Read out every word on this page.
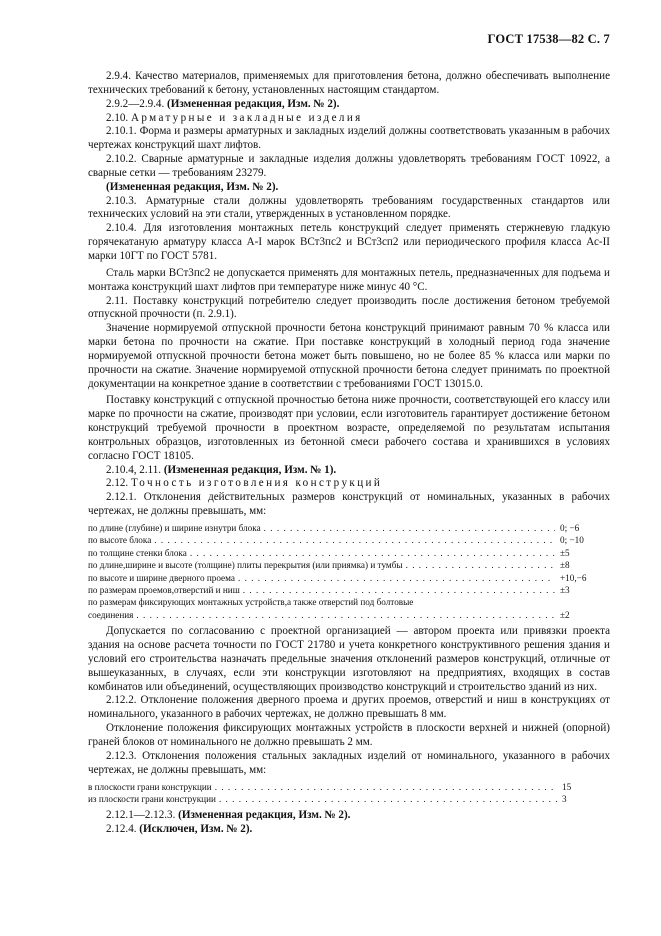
ГОСТ 17538—82 С. 7

2.9.4. Качество материалов, применяемых для приготовления бетона, должно обеспечивать выполнение технических требований к бетону, установленных настоящим стандартом.

2.9.2—2.9.4. (Измененная редакция, Изм. № 2).

2.10. Арматурные и закладные изделия

2.10.1. Форма и размеры арматурных и закладных изделий должны соответствовать указанным в рабочих чертежах конструкций шахт лифтов.

2.10.2. Сварные арматурные и закладные изделия должны удовлетворять требованиям ГОСТ 10922, а сварные сетки — требованиям 23279.

(Измененная редакция, Изм. № 2).

2.10.3. Арматурные стали должны удовлетворять требованиям государственных стандартов или технических условий на эти стали, утвержденных в установленном порядке.

2.10.4. Для изготовления монтажных петель конструкций следует применять стержневую гладкую горячекатаную арматуру класса А-I марок ВСт3пс2 и ВСт3сп2 или периодического профиля класса Ас-II марки 10ГТ по ГОСТ 5781.

Сталь марки ВСт3пс2 не допускается применять для монтажных петель, предназначенных для подъема и монтажа конструкций шахт лифтов при температуре ниже минус 40 °С.

2.11. Поставку конструкций потребителю следует производить после достижения бетоном требуемой отпускной прочности (п. 2.9.1).

Значение нормируемой отпускной прочности бетона конструкций принимают равным 70 % класса или марки бетона по прочности на сжатие. При поставке конструкций в холодный период года значение нормируемой отпускной прочности бетона может быть повышено, но не более 85 % класса или марки по прочности на сжатие. Значение нормируемой отпускной прочности бетона следует принимать по проектной документации на конкретное здание в соответствии с требованиями ГОСТ 13015.0.

Поставку конструкций с отпускной прочностью бетона ниже прочности, соответствующей его классу или марке по прочности на сжатие, производят при условии, если изготовитель гарантирует достижение бетоном конструкций требуемой прочности в проектном возрасте, определяемой по результатам испытания контрольных образцов, изготовленных из бетонной смеси рабочего состава и хранившихся в условиях согласно ГОСТ 18105.

2.10.4, 2.11. (Измененная редакция, Изм. № 1).

2.12. Точность изготовления конструкций

2.12.1. Отклонения действительных размеров конструкций от номинальных, указанных в рабочих чертежах, не должны превышать, мм:

по длине (глубине) и ширине изнутри блока . . .	0; −6
по высоте блока . . .	0; −10
по толщине стенки блока . . .	±5
по длине,ширине и высоте (толщине) плиты перекрытия (или приямка) и тумбы . . .	±8
по высоте и ширине дверного проема . . .	+10,−6
по размерам проемов,отверстий и ниш . . .	±3
по размерам фиксирующих монтажных устройств,а также отверстий под болтовые
соединения . . .	±2

Допускается по согласованию с проектной организацией — автором проекта или привязки проекта здания на основе расчета точности по ГОСТ 21780 и учета конкретного конструктивного решения здания и условий его строительства назначать предельные значения отклонений размеров конструкций, отличные от вышеуказанных, в случаях, если эти конструкции изготовляют на предприятиях, входящих в состав комбинатов или объединений, осуществляющих производство конструкций и строительство зданий из них.

2.12.2. Отклонение положения дверного проема и других проемов, отверстий и ниш в конструкциях от номинального, указанного в рабочих чертежах, не должно превышать 8 мм.

Отклонение положения фиксирующих монтажных устройств в плоскости верхней и нижней (опорной) граней блоков от номинального не должно превышать 2 мм.

2.12.3. Отклонения положения стальных закладных изделий от номинального, указанного в рабочих чертежах, не должны превышать, мм:

в плоскости грани конструкции . . .	15
из плоскости грани конструкции . . .	3

2.12.1—2.12.3. (Измененная редакция, Изм. № 2).

2.12.4. (Исключен, Изм. № 2).
